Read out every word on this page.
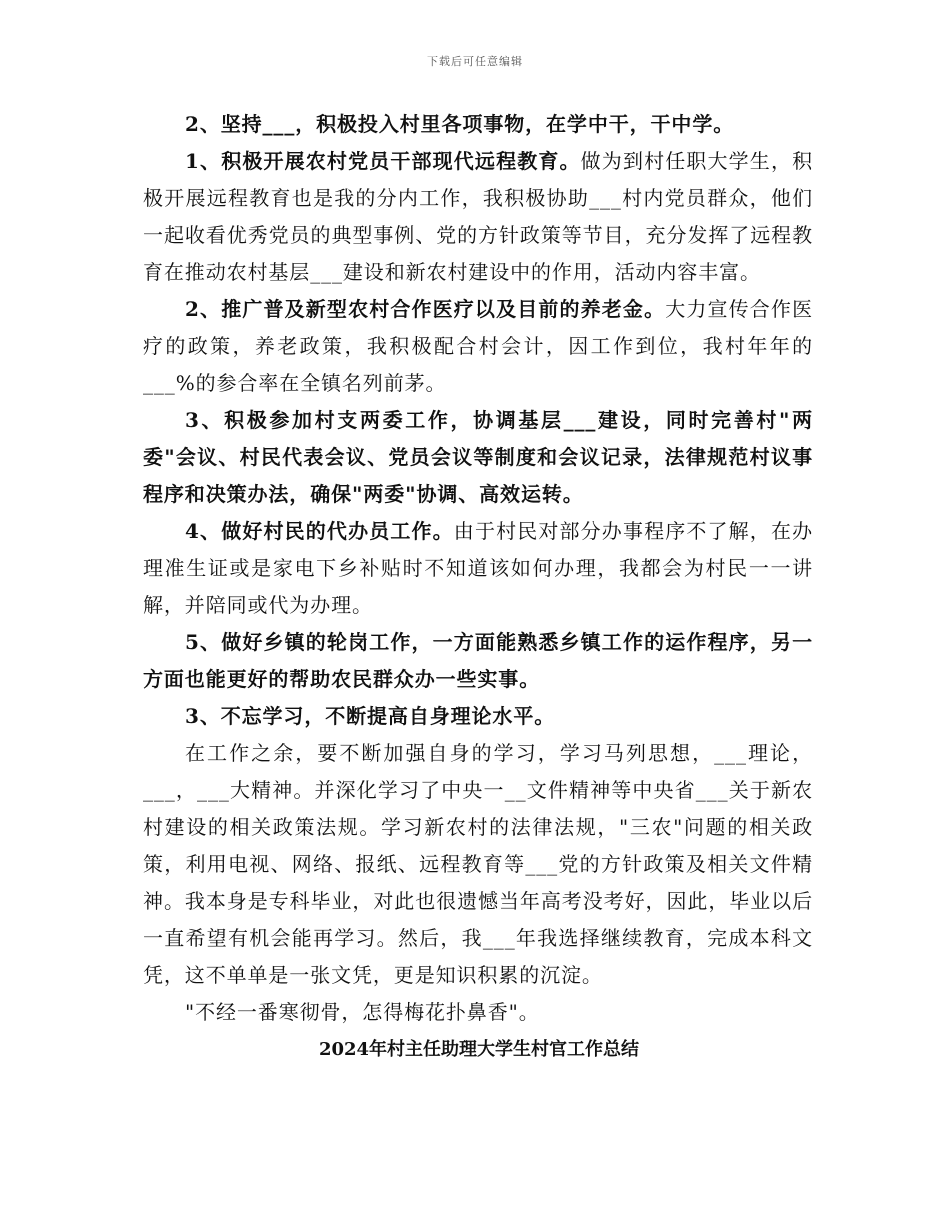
下载后可任意编辑

2、坚持___，积极投入村里各项事物，在学中干，干中学。

1、积极开展农村党员干部现代远程教育。做为到村任职大学生，积极开展远程教育也是我的分内工作，我积极协助___村内党员群众，他们一起收看优秀党员的典型事例、党的方针政策等节目，充分发挥了远程教育在推动农村基层___建设和新农村建设中的作用，活动内容丰富。

2、推广普及新型农村合作医疗以及目前的养老金。大力宣传合作医疗的政策，养老政策，我积极配合村会计，因工作到位，我村年年的___%的参合率在全镇名列前茅。

3、积极参加村支两委工作，协调基层___建设，同时完善村"两委"会议、村民代表会议、党员会议等制度和会议记录，法律规范村议事程序和决策办法，确保"两委"协调、高效运转。

4、做好村民的代办员工作。由于村民对部分办事程序不了解，在办理准生证或是家电下乡补贴时不知道该如何办理，我都会为村民一一讲解，并陪同或代为办理。

5、做好乡镇的轮岗工作，一方面能熟悉乡镇工作的运作程序，另一方面也能更好的帮助农民群众办一些实事。

3、不忘学习，不断提高自身理论水平。

在工作之余，要不断加强自身的学习，学习马列思想，___理论，___，___大精神。并深化学习了中央一__文件精神等中央省___关于新农村建设的相关政策法规。学习新农村的法律法规，"三农"问题的相关政策，利用电视、网络、报纸、远程教育等___党的方针政策及相关文件精神。我本身是专科毕业，对此也很遗憾当年高考没考好，因此，毕业以后一直希望有机会能再学习。然后，我___年我选择继续教育，完成本科文凭，这不单单是一张文凭，更是知识积累的沉淀。

"不经一番寒彻骨，怎得梅花扑鼻香"。

2024年村主任助理大学生村官工作总结
